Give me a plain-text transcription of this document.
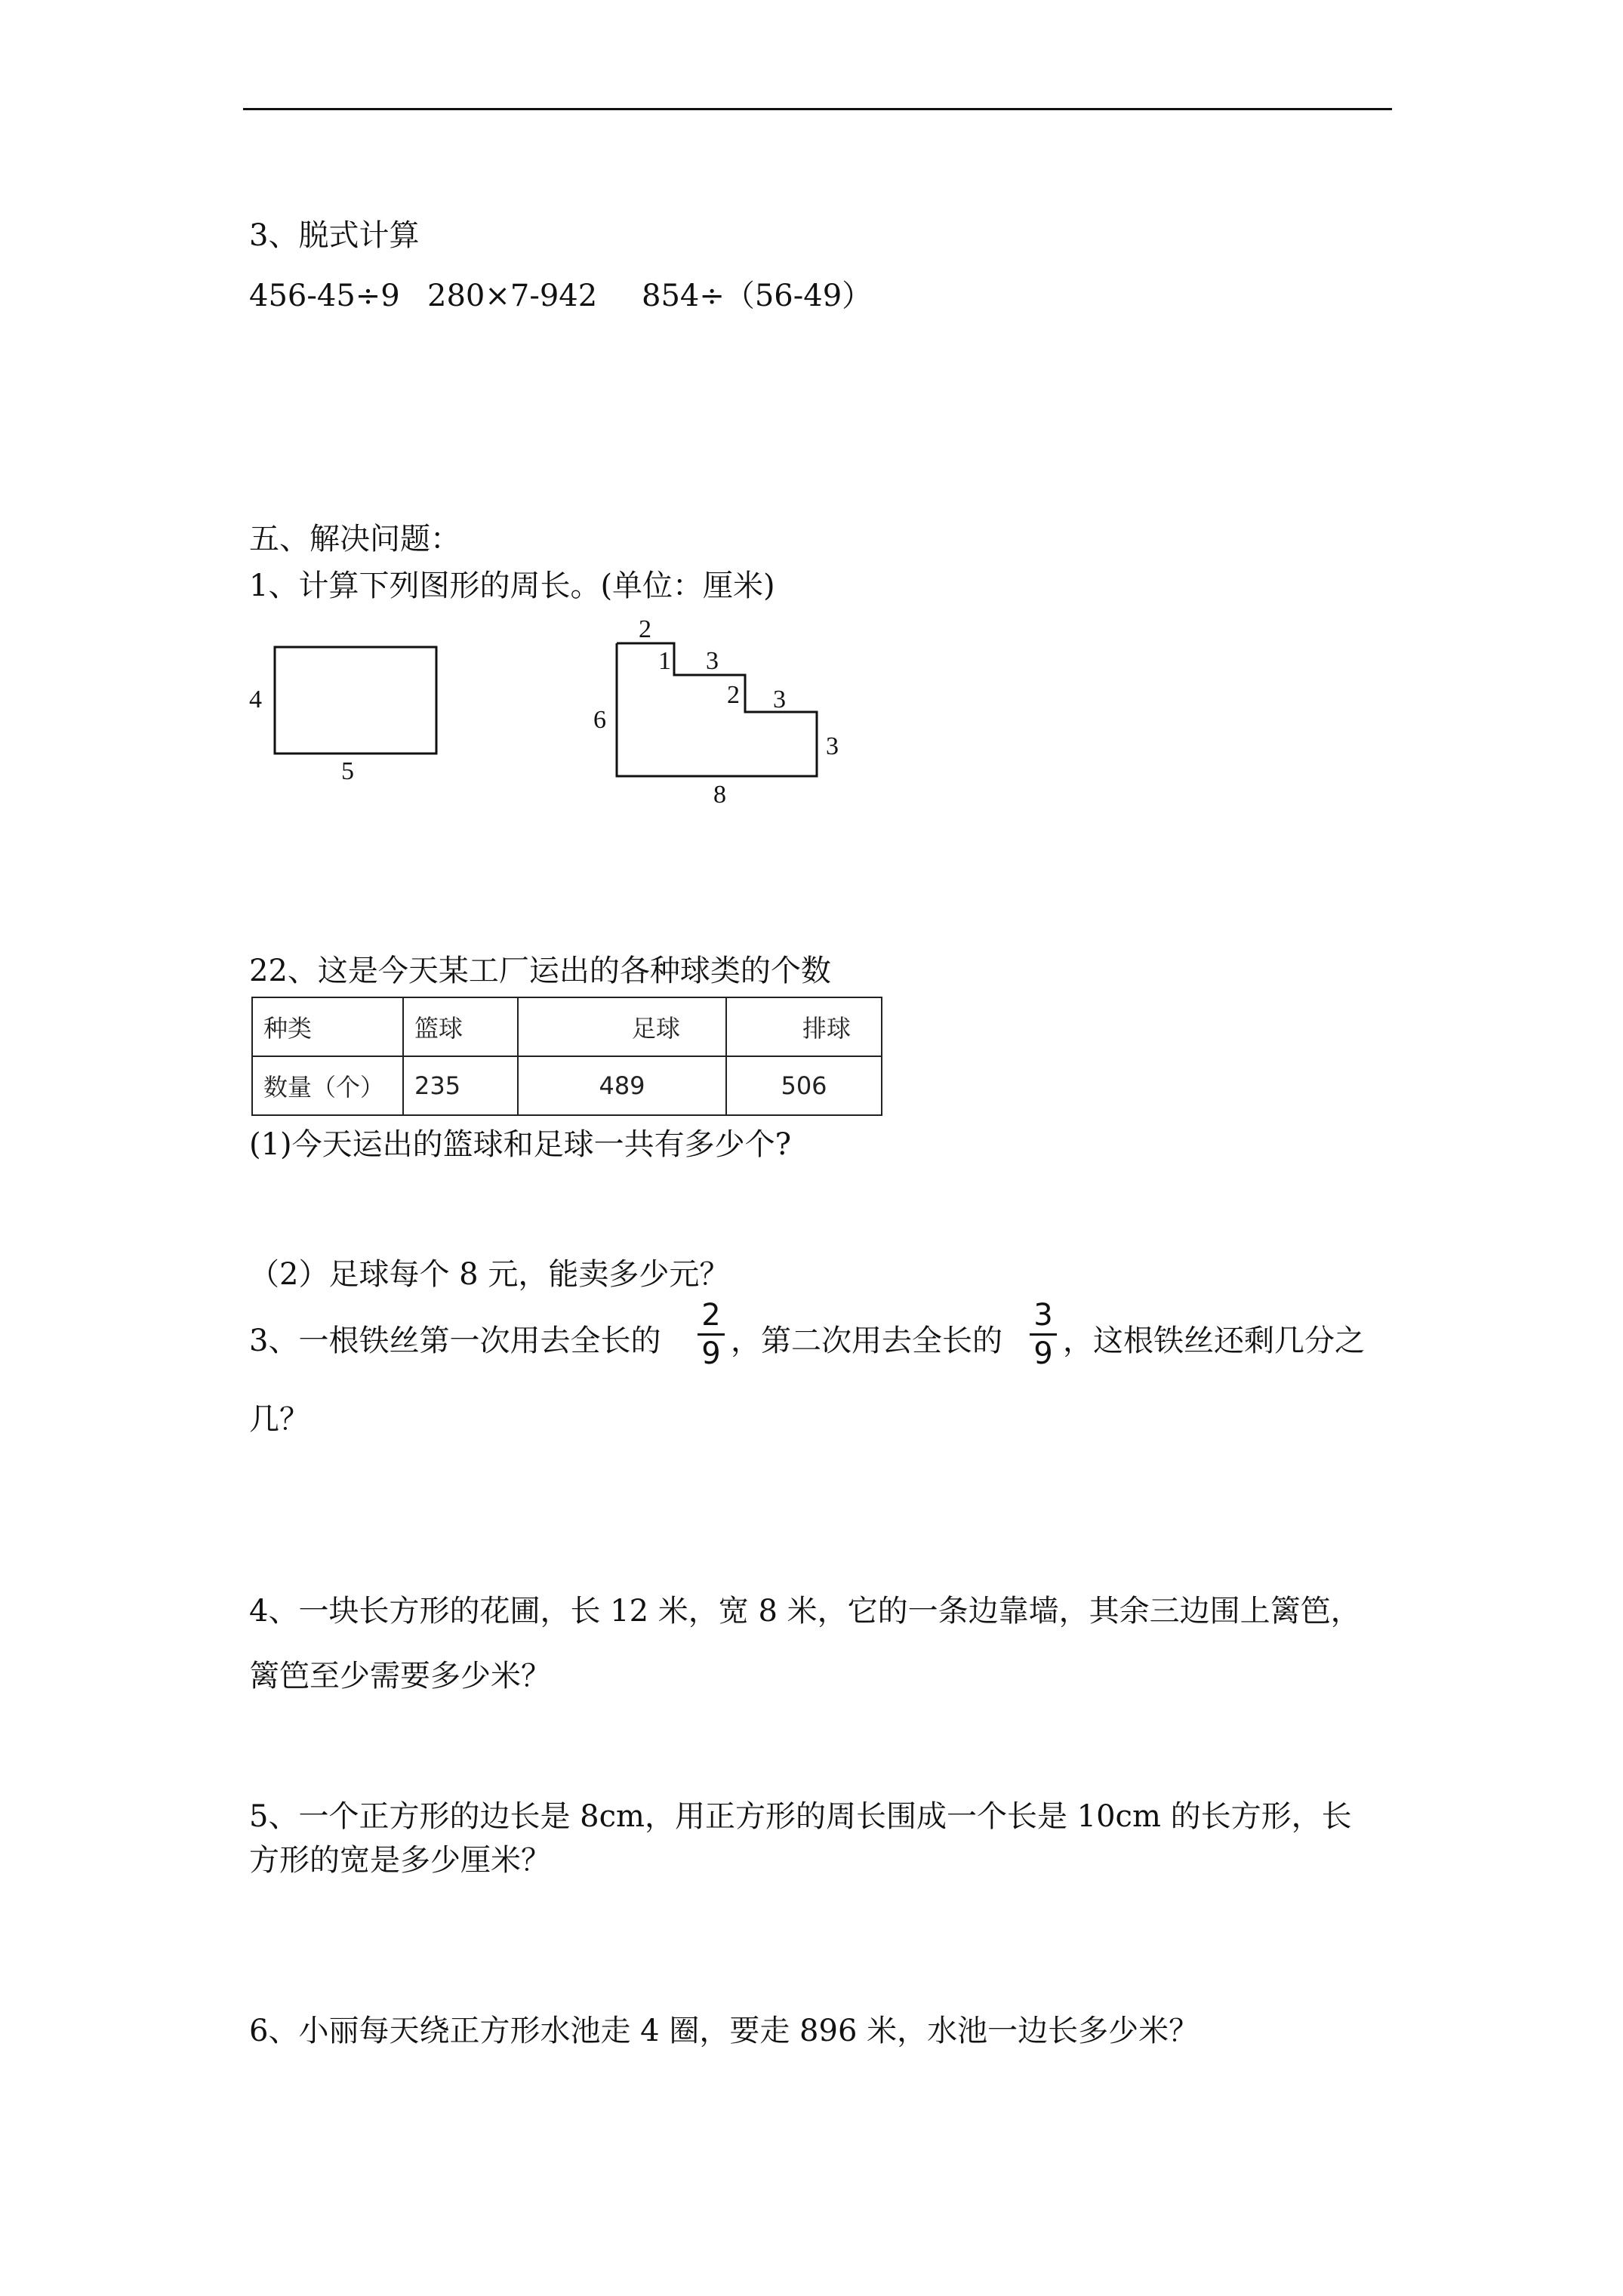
3、脱式计算
456-45÷9 280×7-942 854÷（56-49）
五、解决问题：
1、计算下列图形的周长。(单位：厘米)
4
5
2
1 3
2 3
3
8
6
22、这是今天某工厂运出的各种球类的个数
种类	篮球	足球	排球
数量（个）	235	489	506
(1)今天运出的篮球和足球一共有多少个?
（2）足球每个 8 元，能卖多少元？
3、一根铁丝第一次用去全长的
2
9 ，第二次用去全长的
3
9 ，这根铁丝还剩几分之
几？
4、一块长方形的花圃，长 12 米，宽 8 米，它的一条边靠墙，其余三边围上篱笆，
篱笆至少需要多少米？
5、一个正方形的边长是 8cm，用正方形的周长围成一个长是 10cm 的长方形，长
方形的宽是多少厘米？
6、小丽每天绕正方形水池走 4 圈，要走 896 米，水池一边长多少米？
